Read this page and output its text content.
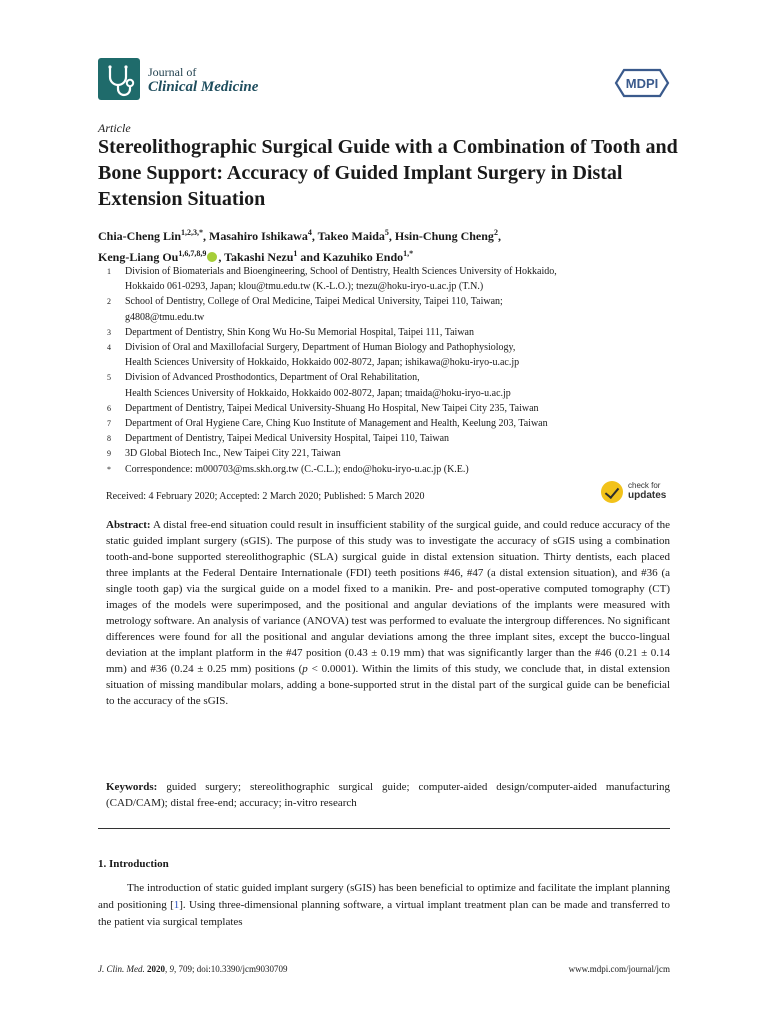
Journal of
Clinical Medicine	MDPI
Article
Stereolithographic Surgical Guide with a Combination of Tooth and Bone Support: Accuracy of Guided Implant Surgery in Distal Extension Situation
Chia-Cheng Lin$^{1,2,3,*}$, Masahiro Ishikawa$^4$, Takeo Maida$^5$, Hsin-Chung Cheng$^2$,
Keng-Liang Ou$^{1,6,7,8,9}$ , Takashi Nezu$^1$ and Kazuhiko Endo$^{1,*}$
1	Division of Biomaterials and Bioengineering, School of Dentistry, Health Sciences University of Hokkaido,
Hokkaido 061-0293, Japan; klou@tmu.edu.tw (K.-L.O.); tnezu@hoku-iryo-u.ac.jp (T.N.)
2	School of Dentistry, College of Oral Medicine, Taipei Medical University, Taipei 110, Taiwan;
g4808@tmu.edu.tw
3	Department of Dentistry, Shin Kong Wu Ho-Su Memorial Hospital, Taipei 111, Taiwan
4	Division of Oral and Maxillofacial Surgery, Department of Human Biology and Pathophysiology,
Health Sciences University of Hokkaido, Hokkaido 002-8072, Japan; ishikawa@hoku-iryo-u.ac.jp
5	Division of Advanced Prosthodontics, Department of Oral Rehabilitation,
Health Sciences University of Hokkaido, Hokkaido 002-8072, Japan; tmaida@hoku-iryo-u.ac.jp
6	Department of Dentistry, Taipei Medical University-Shuang Ho Hospital, New Taipei City 235, Taiwan
7	Department of Oral Hygiene Care, Ching Kuo Institute of Management and Health, Keelung 203, Taiwan
8	Department of Dentistry, Taipei Medical University Hospital, Taipei 110, Taiwan
9	3D Global Biotech Inc., New Taipei City 221, Taiwan
*	Correspondence: m000703@ms.skh.org.tw (C.-C.L.); endo@hoku-iryo-u.ac.jp (K.E.)
Received: 4 February 2020; Accepted: 2 March 2020; Published: 5 March 2020
check for
updates

Abstract: A distal free-end situation could result in insufficient stability of the surgical guide, and could reduce accuracy of the static guided implant surgery (sGIS). The purpose of this study was to investigate the accuracy of sGIS using a combination tooth-and-bone supported stereolithographic (SLA) surgical guide in distal extension situation. Thirty dentists, each placed three implants at the Federal Dentaire Internationale (FDI) teeth positions #46, #47 (a distal extension situation), and #36 (a single tooth gap) via the surgical guide on a model fixed to a manikin. Pre- and post-operative computed tomography (CT) images of the models were superimposed, and the positional and angular deviations of the implants were measured with metrology software. An analysis of variance (ANOVA) test was performed to evaluate the intergroup differences. No significant differences were found for all the positional and angular deviations among the three implant sites, except the bucco-lingual deviation at the implant platform in the #47 position (0.43 ± 0.19 mm) that was significantly larger than the #46 (0.21 ± 0.14 mm) and #36 (0.24 ± 0.25 mm) positions (p < 0.0001). Within the limits of this study, we conclude that, in distal extension situation of missing mandibular molars, adding a bone-supported strut in the distal part of the surgical guide can be beneficial to the accuracy of the sGIS.

Keywords: guided surgery; stereolithographic surgical guide; computer-aided design/computer-aided manufacturing (CAD/CAM); distal free-end; accuracy; in-vitro research

1. Introduction

The introduction of static guided implant surgery (sGIS) has been beneficial to optimize and facilitate the implant planning and positioning [1]. Using three-dimensional planning software, a virtual implant treatment plan can be made and transferred to the patient via surgical templates

J. Clin. Med. 2020, 9, 709; doi:10.3390/jcm9030709	www.mdpi.com/journal/jcm
